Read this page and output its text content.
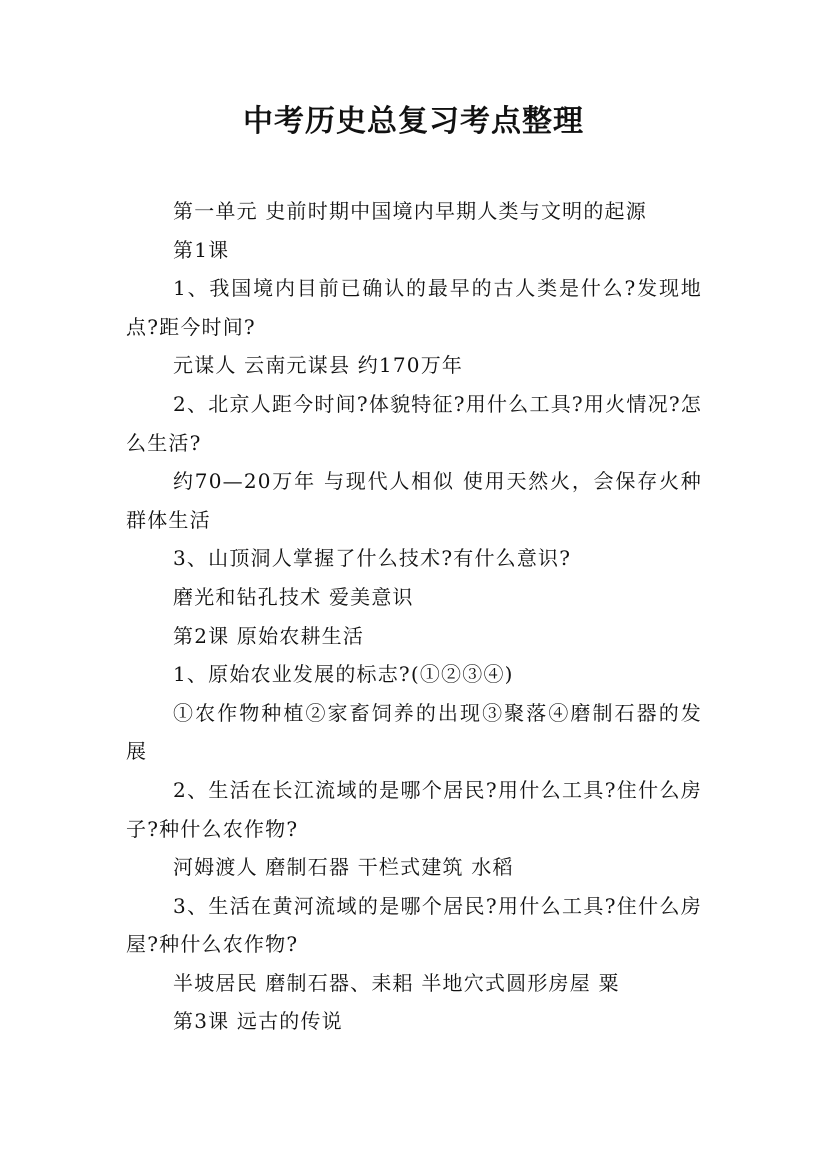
中考历史总复习考点整理

第一单元 史前时期中国境内早期人类与文明的起源

第1课

1、我国境内目前已确认的最早的古人类是什么?发现地点?距今时间?

元谋人 云南元谋县 约170万年

2、北京人距今时间?体貌特征?用什么工具?用火情况?怎么生活?

约70—20万年 与现代人相似 使用天然火，会保存火种 群体生活

3、山顶洞人掌握了什么技术?有什么意识?

磨光和钻孔技术 爱美意识

第2课 原始农耕生活

1、原始农业发展的标志?(①②③④)

①农作物种植②家畜饲养的出现③聚落④磨制石器的发展

2、生活在长江流域的是哪个居民?用什么工具?住什么房子?种什么农作物?

河姆渡人 磨制石器 干栏式建筑 水稻

3、生活在黄河流域的是哪个居民?用什么工具?住什么房屋?种什么农作物?

半坡居民 磨制石器、耒耜 半地穴式圆形房屋 粟

第3课 远古的传说
